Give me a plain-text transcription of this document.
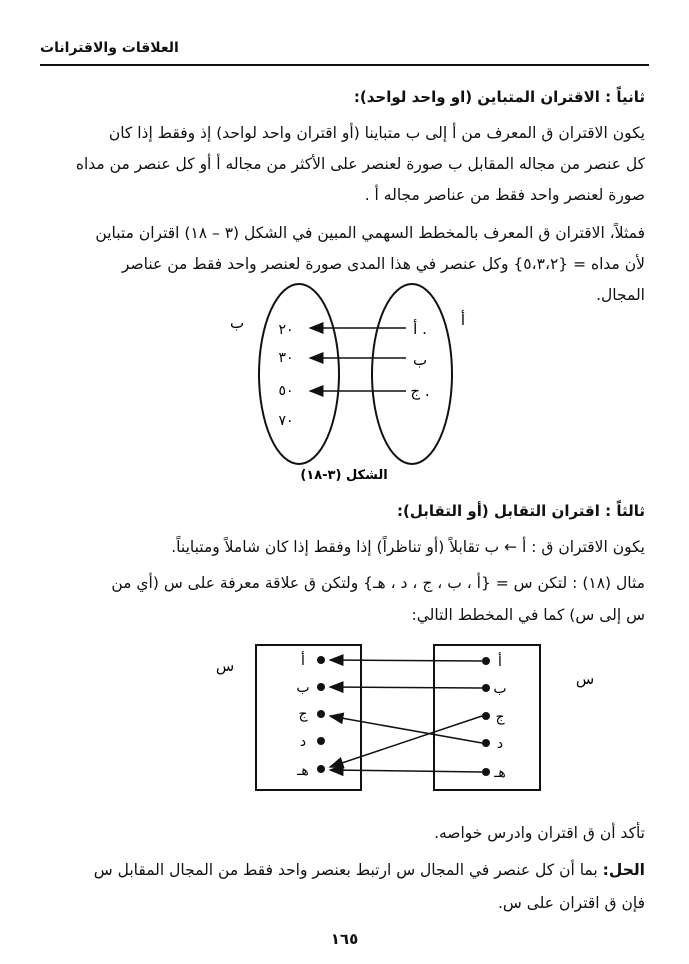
العلاقات والاقترانات
ثانياً : الاقتران المتباين (او واحد لواحد):
يكون الاقتران ق المعرف من أ إلى ب متباينا (أو اقتران واحد لواحد) إذ وفقط إذا كان
كل عنصر من مجاله المقابل ب صورة لعنصر على الأكثر من مجاله أ أو كل عنصر من مداه
صورة لعنصر واحد فقط من عناصر مجاله أ .
فمثلاً، الاقتران ق المعرف بالمخطط السهمي المبين في الشكل (٣ – ١٨) اقتران متباين
لأن مداه = {٥،٣،٢} وكل عنصر في هذا المدى صورة لعنصر واحد فقط من عناصر
المجال.
أ
ب	أ .
ب
ج .
٢٠
٣٠
٥٠
٧٠
الشكل (٣-١٨)
ثالثاً : اقتران التقابل (أو التقابل):
يكون الاقتران ق : أ ← ب تقابلاً (أو تناظراً) إذا وفقط إذا كان شاملاً ومتبايناً.
مثال (١٨) : لتكن س = {أ ، ب ، ج ، د ، هـ} ولتكن ق علاقة معرفة على س (أي من
س إلى س) كما في المخطط التالي:
س
س
أ
ب
ج
د
هـ
أ
ب
ج
د
هـ
تأكد أن ق اقتران وادرس خواصه.
الحل: بما أن كل عنصر في المجال س ارتبط بعنصر واحد فقط من المجال المقابل س
فإن ق اقتران على س.
١٦٥
